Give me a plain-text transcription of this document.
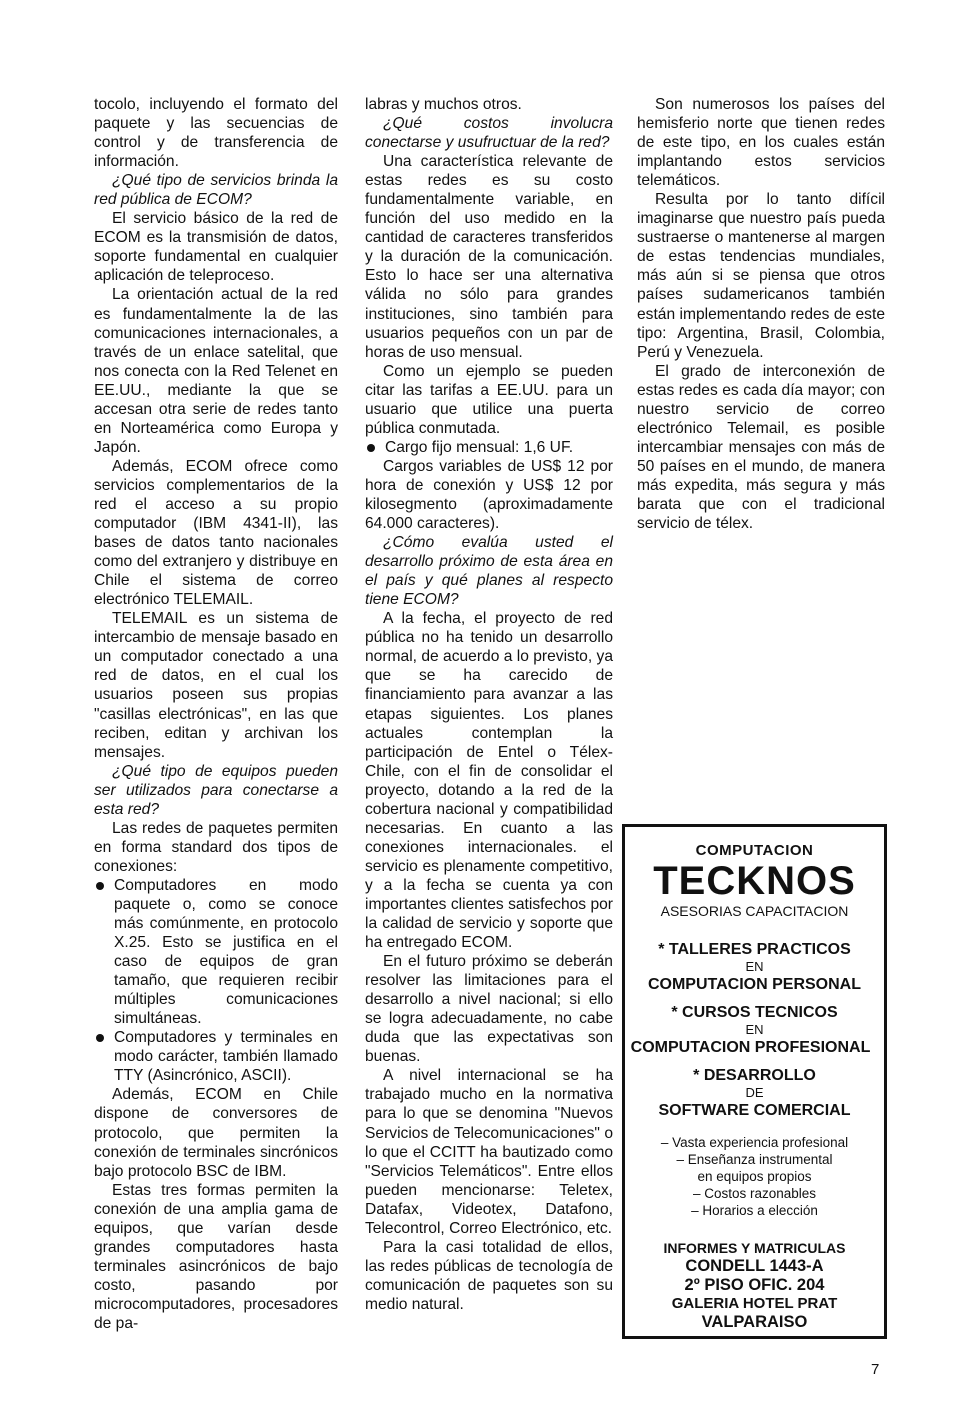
tocolo, incluyendo el formato del paquete y las secuencias de control y de transferencia de información.

¿Qué tipo de servicios brinda la red pública de ECOM?

El servicio básico de la red de ECOM es la transmisión de datos, soporte fundamental en cualquier aplicación de teleproceso.

La orientación actual de la red es fundamentalmente la de las comunicaciones internacionales, a través de un enlace satelital, que nos conecta con la Red Telenet en EE.UU., mediante la que se accesan otra serie de redes tanto en Norteamérica como Europa y Japón.

Además, ECOM ofrece como servicios complementarios de la red el acceso a su propio computador (IBM 4341-II), las bases de datos tanto nacionales como del extranjero y distribuye en Chile el sistema de correo electrónico TELEMAIL.

TELEMAIL es un sistema de intercambio de mensaje basado en un computador conectado a una red de datos, en el cual los usuarios poseen sus propias "casillas electrónicas", en las que reciben, editan y archivan los mensajes.

¿Qué tipo de equipos pueden ser utilizados para conectarse a esta red?

Las redes de paquetes permiten en forma standard dos tipos de conexiones:

Computadores en modo paquete o, como se conoce más comúnmente, en protocolo X.25. Esto se justifica en el caso de equipos de gran tamaño, que requieren recibir múltiples comunicaciones simultáneas.
Computadores y terminales en modo carácter, también llamado TTY (Asincrónico, ASCII).

Además, ECOM en Chile dispone de conversores de protocolo, que permiten la conexión de terminales sincrónicos bajo protocolo BSC de IBM.

Estas tres formas permiten la conexión de una amplia gama de equipos, que varían desde grandes computadores hasta terminales asincrónicos de bajo costo, pasando por microcomputadores, procesadores de pa-

labras y muchos otros.

¿Qué costos involucra conectarse y usufructuar de la red?

Una característica relevante de estas redes es su costo fundamentalmente variable, en función del uso medido en la cantidad de caracteres transferidos y la duración de la comunicación. Esto lo hace ser una alternativa válida no sólo para grandes instituciones, sino también para usuarios pequeños con un par de horas de uso mensual.

Como un ejemplo se pueden citar las tarifas a EE.UU. para un usuario que utilice una puerta pública conmutada.

Cargo fijo mensual: 1,6 UF.

Cargos variables de US$ 12 por hora de conexión y US$ 12 por kilosegmento (aproximadamente 64.000 caracteres).

¿Cómo evalúa usted el desarrollo próximo de esta área en el país y qué planes al respecto tiene ECOM?

A la fecha, el proyecto de red pública no ha tenido un desarrollo normal, de acuerdo a lo previsto, ya que se ha carecido de financiamiento para avanzar a las etapas siguientes. Los planes actuales contemplan la participación de Entel o Télex-Chile, con el fin de consolidar el proyecto, dotando a la red de la cobertura nacional y compatibilidad necesarias. En cuanto a las conexiones internacionales. el servicio es plenamente competitivo, y a la fecha se cuenta ya con importantes clientes satisfechos por la calidad de servicio y soporte que ha entregado ECOM.

En el futuro próximo se deberán resolver las limitaciones para el desarrollo a nivel nacional; si ello se logra adecuadamente, no cabe duda que las expectativas son buenas.

A nivel internacional se ha trabajado mucho en la normativa para lo que se denomina "Nuevos Servicios de Telecomunicaciones" o lo que el CCITT ha bautizado como "Servicios Telemáticos". Entre ellos pueden mencionarse: Teletex, Datafax, Videotex, Datafono, Telecontrol, Correo Electrónico, etc.

Para la casi totalidad de ellos, las redes públicas de tecnología de comunicación de paquetes son su medio natural.

Son numerosos los países del hemisferio norte que tienen redes de este tipo, en los cuales están implantando estos servicios telemáticos.

Resulta por lo tanto difícil imaginarse que nuestro país pueda sustraerse o mantenerse al margen de estas tendencias mundiales, más aún si se piensa que otros países sudamericanos también están implementando redes de este tipo: Argentina, Brasil, Colombia, Perú y Venezuela.

El grado de interconexión de estas redes es cada día mayor; con nuestro servicio de correo electrónico Telemail, es posible intercambiar mensajes con más de 50 países en el mundo, de manera más expedita, más segura y más barata que con el tradicional servicio de télex.

COMPUTACION
TECKNOS
ASESORIAS CAPACITACION
* TALLERES PRACTICOS
EN
COMPUTACION PERSONAL
* CURSOS TECNICOS
EN
COMPUTACION PROFESIONAL
* DESARROLLO
DE
SOFTWARE COMERCIAL
– Vasta experiencia profesional
– Enseñanza instrumental
en equipos propios
– Costos razonables
– Horarios a elección
INFORMES Y MATRICULAS
CONDELL 1443-A
2º PISO OFIC. 204
GALERIA HOTEL PRAT
VALPARAISO
7
